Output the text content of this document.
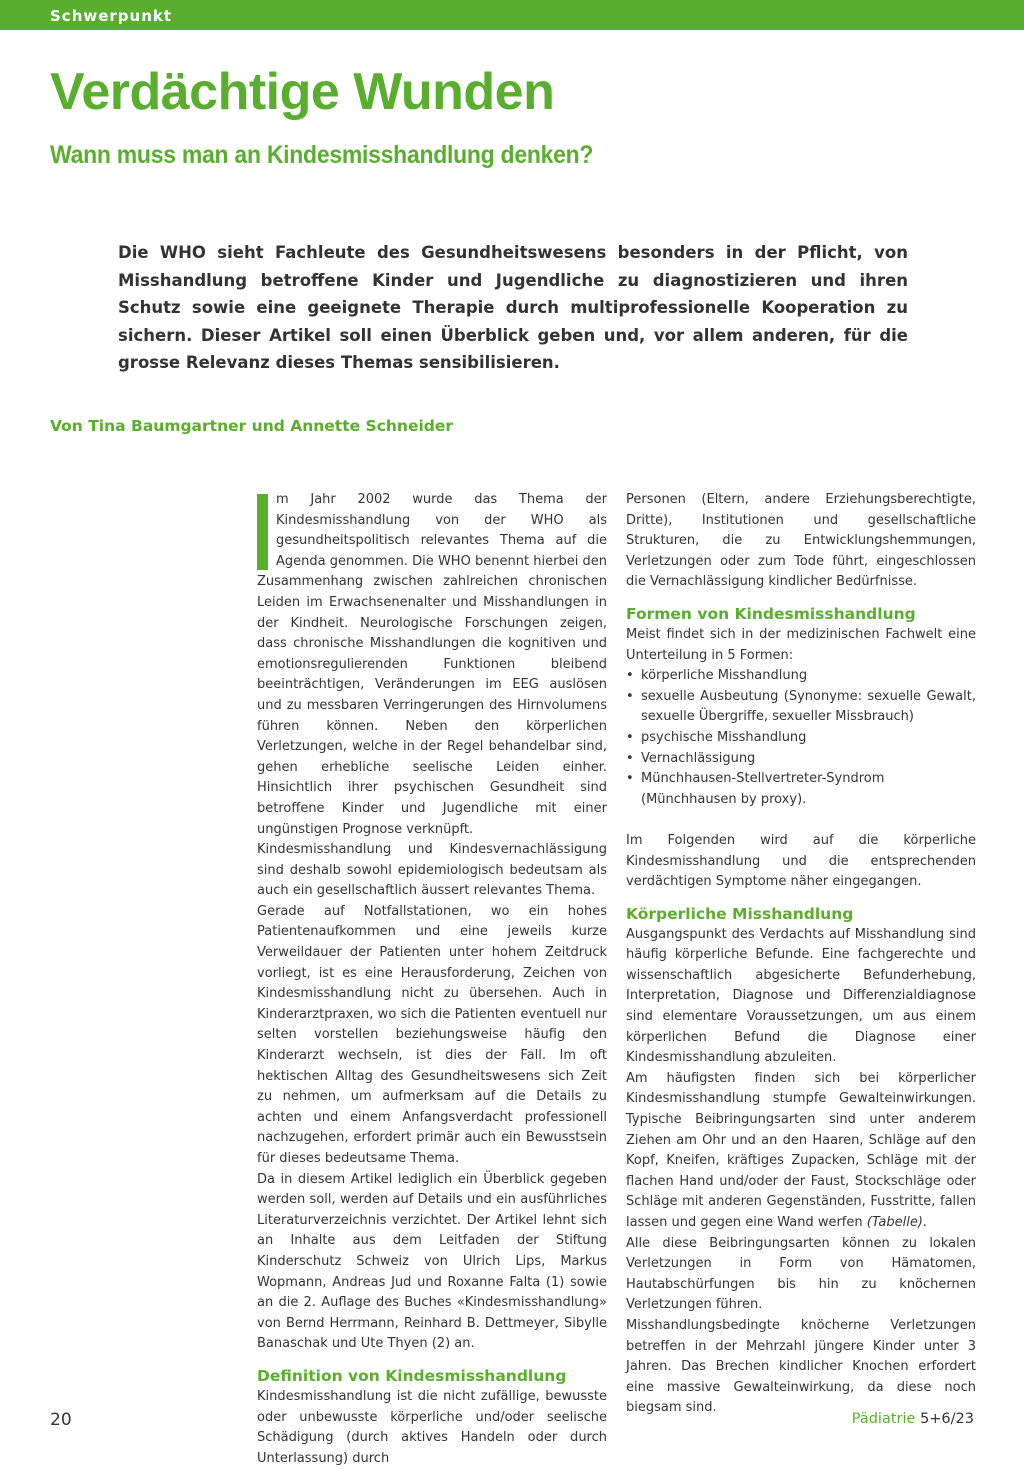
Schwerpunkt
Verdächtige Wunden
Wann muss man an Kindesmisshandlung denken?

Die WHO sieht Fachleute des Gesundheitswesens besonders in der Pflicht, von Misshandlung betroffene Kinder und Jugendliche zu diagnostizieren und ihren Schutz sowie eine geeignete Therapie durch multiprofessionelle Kooperation zu sichern. Dieser Artikel soll einen Überblick geben und, vor allem anderen, für die grosse Relevanz dieses Themas sensibilisieren.

Von Tina Baumgartner und Annette Schneider

m Jahr 2002 wurde das Thema der Kindesmisshandlung von der WHO als gesundheitspolitisch relevantes Thema auf die Agenda genommen. Die WHO benennt hierbei den Zusammenhang zwischen zahlreichen chronischen Leiden im Erwachsenenalter und Misshandlungen in der Kindheit. Neurologische Forschungen zeigen, dass chronische Misshandlungen die kognitiven und emotionsregulierenden Funktionen bleibend beeinträchtigen, Veränderungen im EEG auslösen und zu messbaren Verringerungen des Hirnvolumens führen können. Neben den körperlichen Verletzungen, welche in der Regel behandelbar sind, gehen erhebliche seelische Leiden einher. Hinsichtlich ihrer psychischen Gesundheit sind betroffene Kinder und Jugendliche mit einer ungünstigen Prognose verknüpft.

Kindesmisshandlung und Kindesvernachlässigung sind deshalb sowohl epidemiologisch bedeutsam als auch ein gesellschaftlich äussert relevantes Thema.

Gerade auf Notfallstationen, wo ein hohes Patientenaufkommen und eine jeweils kurze Verweildauer der Patienten unter hohem Zeitdruck vorliegt, ist es eine Herausforderung, Zeichen von Kindesmisshandlung nicht zu übersehen. Auch in Kinderarztpraxen, wo sich die Patienten eventuell nur selten vorstellen beziehungsweise häufig den Kinderarzt wechseln, ist dies der Fall. Im oft hektischen Alltag des Gesundheitswesens sich Zeit zu nehmen, um aufmerksam auf die Details zu achten und einem Anfangsverdacht professionell nachzugehen, erfordert primär auch ein Bewusstsein für dieses bedeutsame Thema.

Da in diesem Artikel lediglich ein Überblick gegeben werden soll, werden auf Details und ein ausführliches Literaturverzeichnis verzichtet. Der Artikel lehnt sich an Inhalte aus dem Leitfaden der Stiftung Kinderschutz Schweiz von Ulrich Lips, Markus Wopmann, Andreas Jud und Roxanne Falta (1) sowie an die 2. Auflage des Buches «Kindesmisshandlung» von Bernd Herrmann, Reinhard B. Dettmeyer, Sibylle Banaschak und Ute Thyen (2) an.

Definition von Kindesmisshandlung

Kindesmisshandlung ist die nicht zufällige, bewusste oder unbewusste körperliche und/oder seelische Schädigung (durch aktives Handeln oder durch Unterlassung) durch

Personen (Eltern, andere Erziehungsberechtigte, Dritte), Institutionen und gesellschaftliche Strukturen, die zu Entwicklungshemmungen, Verletzungen oder zum Tode führt, eingeschlossen die Vernachlässigung kindlicher Bedürfnisse.

Formen von Kindesmisshandlung

Meist findet sich in der medizinischen Fachwelt eine Unterteilung in 5 Formen:

• körperliche Misshandlung
• sexuelle Ausbeutung (Synonyme: sexuelle Gewalt, sexuelle Übergriffe, sexueller Missbrauch)
• psychische Misshandlung
• Vernachlässigung
• Münchhausen-Stellvertreter-Syndrom (Münchhausen by proxy).

Im Folgenden wird auf die körperliche Kindesmisshandlung und die entsprechenden verdächtigen Symptome näher eingegangen.

Körperliche Misshandlung

Ausgangspunkt des Verdachts auf Misshandlung sind häufig körperliche Befunde. Eine fachgerechte und wissenschaftlich abgesicherte Befunderhebung, Interpretation, Diagnose und Differenzialdiagnose sind elementare Voraussetzungen, um aus einem körperlichen Befund die Diagnose einer Kindesmisshandlung abzuleiten.

Am häufigsten finden sich bei körperlicher Kindesmisshandlung stumpfe Gewalteinwirkungen. Typische Beibringungsarten sind unter anderem Ziehen am Ohr und an den Haaren, Schläge auf den Kopf, Kneifen, kräftiges Zupacken, Schläge mit der flachen Hand und/oder der Faust, Stockschläge oder Schläge mit anderen Gegenständen, Fusstritte, fallen lassen und gegen eine Wand werfen (Tabelle).

Alle diese Beibringungsarten können zu lokalen Verletzungen in Form von Hämatomen, Hautabschürfungen bis hin zu knöchernen Verletzungen führen.

Misshandlungsbedingte knöcherne Verletzungen betreffen in der Mehrzahl jüngere Kinder unter 3 Jahren. Das Brechen kindlicher Knochen erfordert eine massive Gewalteinwirkung, da diese noch biegsam sind.

20	Pädiatrie 5+6/23
